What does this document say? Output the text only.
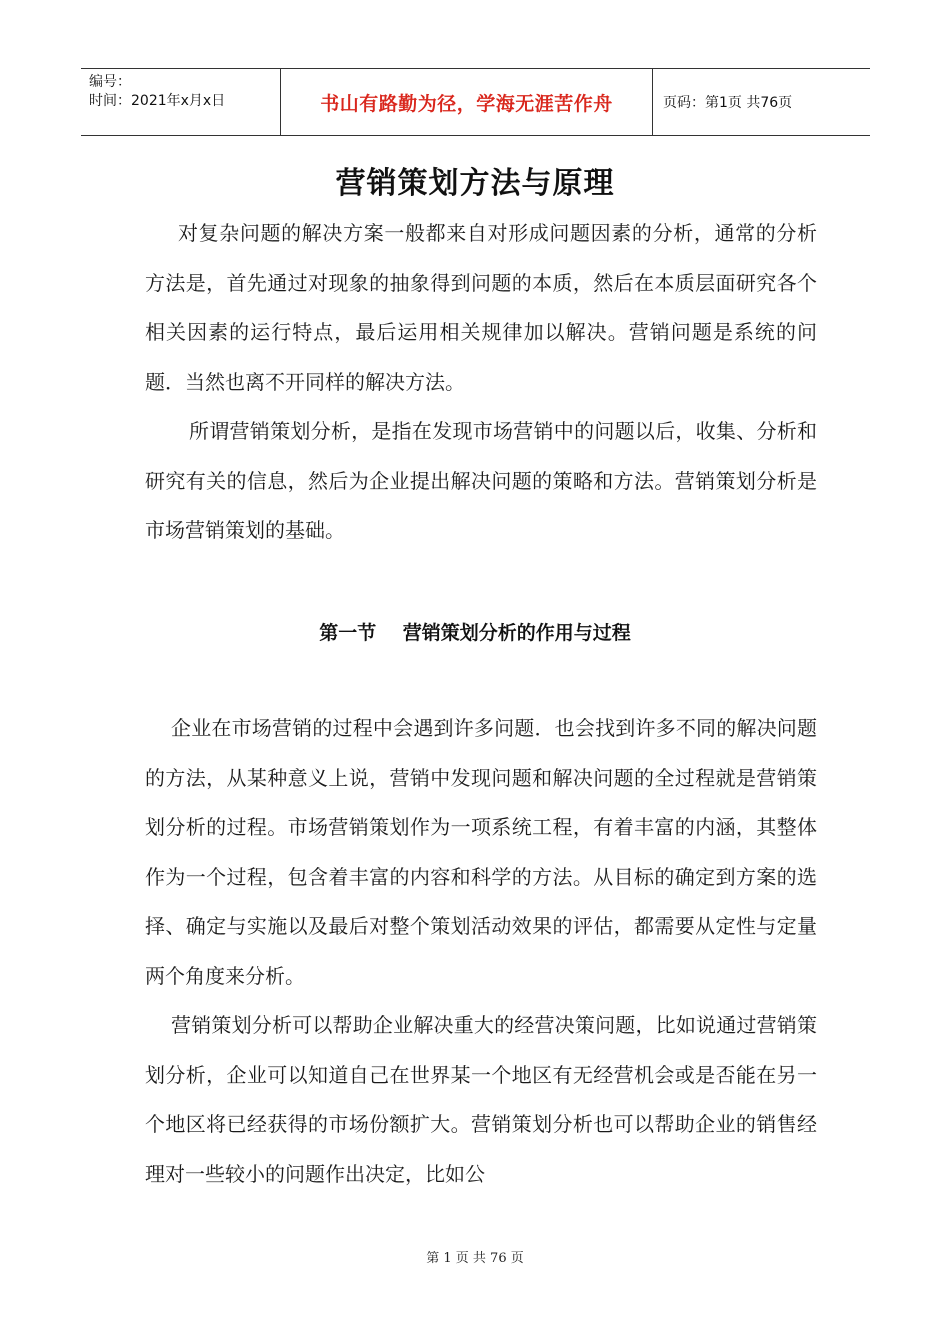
编号：
时间：2021年x月x日	书山有路勤为径，学海无涯苦作舟	页码：第1页 共76页
营销策划方法与原理

对复杂问题的解决方案一般都来自对形成问题因素的分析，通常的分析方法是，首先通过对现象的抽象得到问题的本质，然后在本质层面研究各个相关因素的运行特点，最后运用相关规律加以解决。营销问题是系统的问题．当然也离不开同样的解决方法。

所谓营销策划分析，是指在发现市场营销中的问题以后，收集、分析和研究有关的信息，然后为企业提出解决问题的策略和方法。营销策划分析是市场营销策划的基础。

第一节    营销策划分析的作用与过程

企业在市场营销的过程中会遇到许多问题．也会找到许多不同的解决问题的方法，从某种意义上说，营销中发现问题和解决问题的全过程就是营销策划分析的过程。市场营销策划作为一项系统工程，有着丰富的内涵，其整体作为一个过程，包含着丰富的内容和科学的方法。从目标的确定到方案的选择、确定与实施以及最后对整个策划活动效果的评估，都需要从定性与定量两个角度来分析。

营销策划分析可以帮助企业解决重大的经营决策问题，比如说通过营销策划分析，企业可以知道自己在世界某一个地区有无经营机会或是否能在另一个地区将已经获得的市场份额扩大。营销策划分析也可以帮助企业的销售经理对一些较小的问题作出决定，比如公

第 1 页 共 76 页
